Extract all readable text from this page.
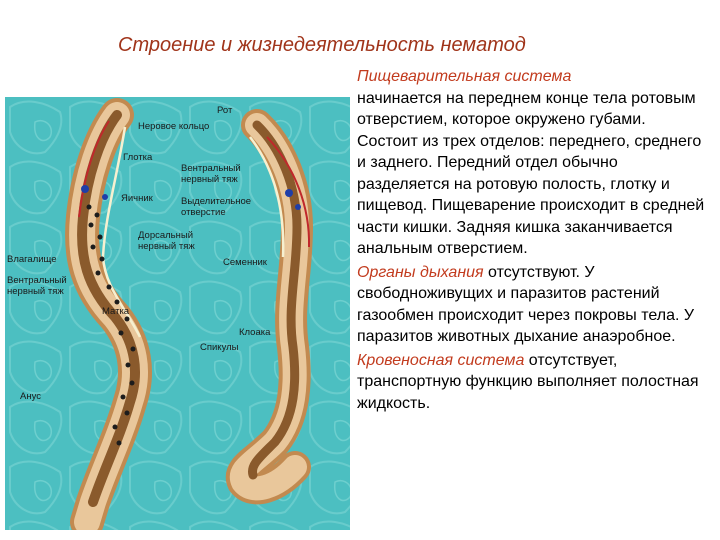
Строение и жизнедеятельность нематод
Рот
Неровое кольцо
Глотка
Вентральный
нервный тяж
Выделительное
отверстие
Яичник
Дорсальный
нервный тяж
Влагалище	Семенник
Вентральный
нервный тяж
Матка
Клоака
Спикулы
Анус

Пищеварительная система
начинается на переднем конце тела ротовым отверстием, которое окружено губами. Состоит из трех отделов: переднего, среднего и заднего. Передний отдел обычно разделяется на ротовую полость, глотку и пищевод. Пищеварение происходит в средней части кишки. Задняя кишка заканчивается анальным отверстием.

Органы дыхания отсутствуют. У свободноживущих и паразитов растений газообмен происходит через покровы тела. У паразитов животных дыхание анаэробное.

Кровеносная система отсутствует, транспортную функцию выполняет полостная жидкость.
